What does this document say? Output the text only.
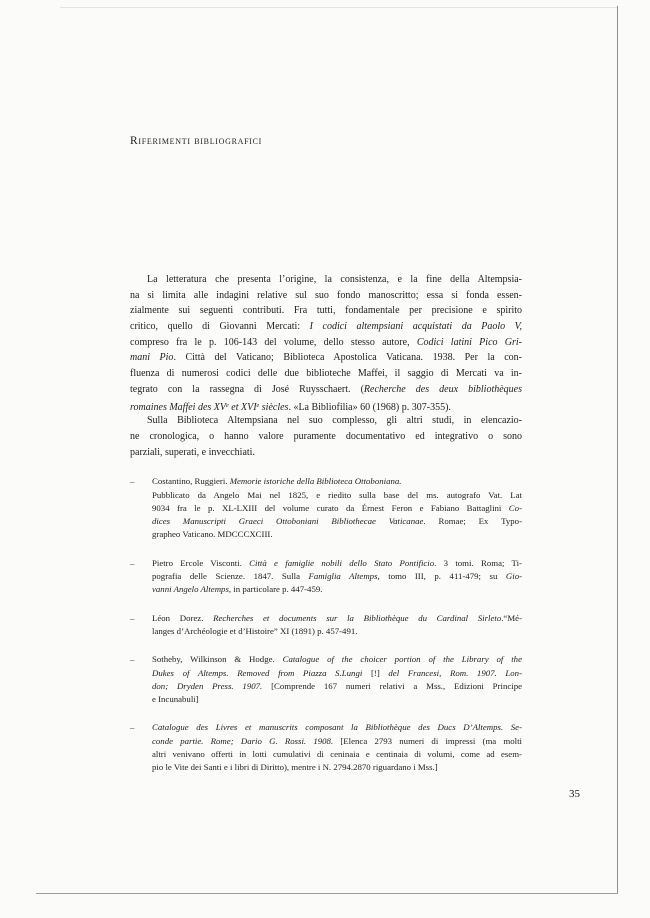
Riferimenti bibliografici
La letteratura che presenta l’origine, la consistenza, e la fine della Altempsia-
na si limita alle indagini relative sul suo fondo manoscritto; essa si fonda essen-
zialmente sui seguenti contributi. Fra tutti, fondamentale per precisione e spirito
critico, quello di Giovanni Mercati: I codici altempsiani acquistati da Paolo V,
compreso fra le p. 106-143 del volume, dello stesso autore, Codici latini Pico Gri-
mani Pio. Città del Vaticano; Biblioteca Apostolica Vaticana. 1938. Per la con-
fluenza di numerosi codici delle due biblioteche Maffei, il saggio di Mercati va in-
tegrato con la rassegna di José Ruysschaert. (Recherche des deux bibliothèques
romaines Maffei des XVe et XVIe siècles. «La Bibliofilia» 60 (1968) p. 307-355).
Sulla Biblioteca Altempsiana nel suo complesso, gli altri studi, in elencazio-
ne cronologica, o hanno valore puramente documentativo ed integrativo o sono
parziali, superati, e invecchiati.
–	Costantino, Ruggieri. Memorie istoriche della Biblioteca Ottoboniana.
Pubblicato da Angelo Mai nel 1825, e riedito sulla base del ms. autografo Vat. Lat
9034 fra le p. XL-LXIII del volume curato da Érnest Feron e Fabiano Battaglini Co-
dices Manuscripti Graeci Ottoboniani Bibliothecae Vaticanae. Romae; Ex Typo-
grapheo Vaticano. MDCCCXCIII.
–	Pietro Ercole Visconti. Città e famiglie nobili dello Stato Pontificio. 3 tomi. Roma; Ti-
pografia delle Scienze. 1847. Sulla Famiglia Altemps, tomo III, p. 411-479; su Gio-
vanni Angelo Altemps, in particolare p. 447-459.
–	Léon Dorez. Recherches et documents sur la Bibliothèque du Cardinal Sirleto.“Mé-
langes d’Archéologie et d’Histoire” XI (1891) p. 457-491.
–	Sotheby, Wilkinson & Hodge. Catalogue of the choicer portion of the Library of the
Dukes of Altemps. Removed from Piazza S.Lungi [!] del Francesi, Rom. 1907. Lon-
don; Dryden Press. 1907. [Comprende 167 numeri relativi a Mss., Edizioni Principe
e Incunabuli]
–	Catalogue des Livres et manuscrits composant la Bibliothèque des Ducs D’Altemps. Se-
conde partie. Rome; Dario G. Rossi. 1908. [Elenca 2793 numeri di impressi (ma molti
altri venivano offerti in lotti cumulativi di ceninaia e centinaia di volumi, come ad esem-
pio le Vite dei Santi e i libri di Diritto), mentre i N. 2794.2870 riguardano i Mss.]
35
